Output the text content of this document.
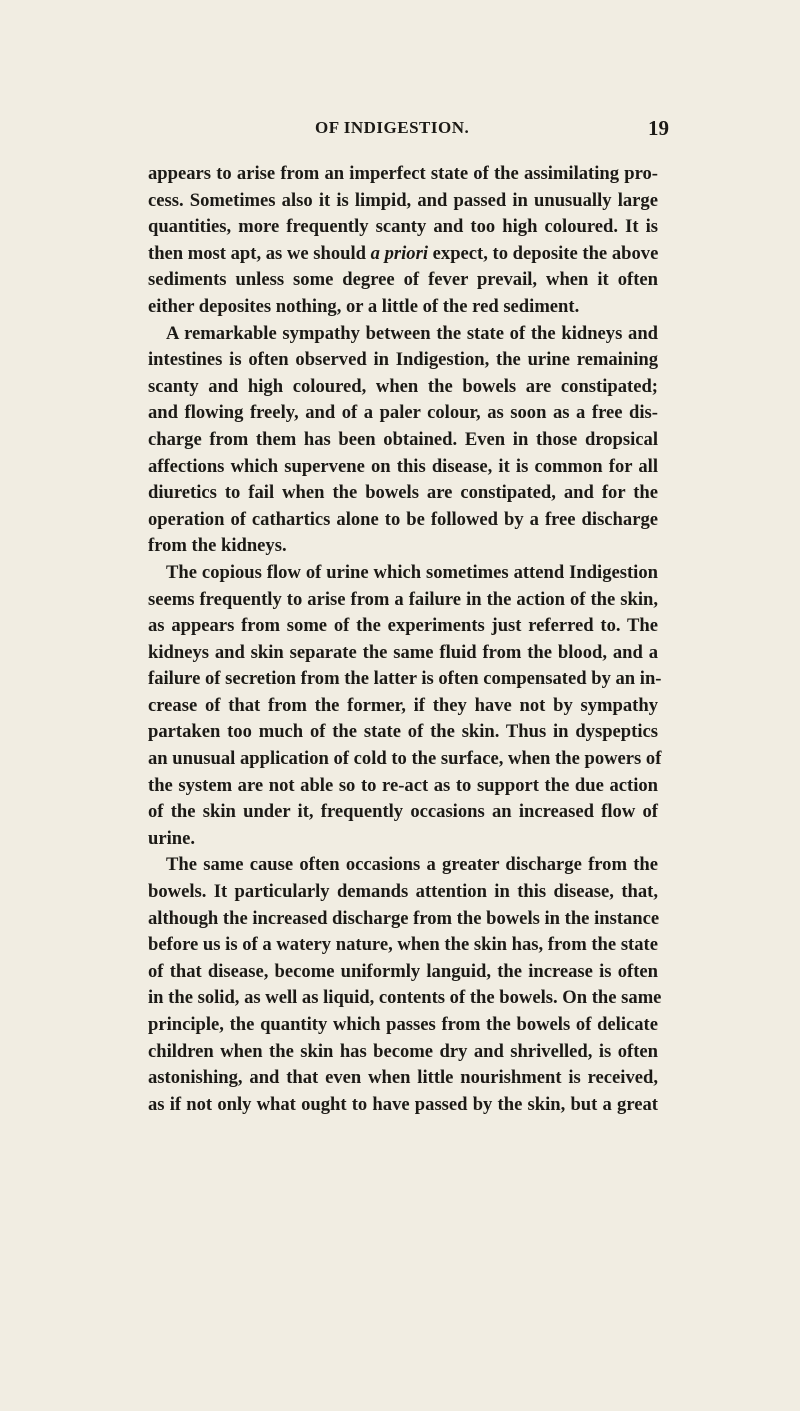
OF INDIGESTION.	19
appears to arise from an imperfect state of the assimilating pro-
cess. Sometimes also it is limpid, and passed in unusually large
quantities, more frequently scanty and too high coloured. It is
then most apt, as we should a priori expect, to deposite the above
sediments unless some degree of fever prevail, when it often
either deposites nothing, or a little of the red sediment.
A remarkable sympathy between the state of the kidneys and
intestines is often observed in Indigestion, the urine remaining
scanty and high coloured, when the bowels are constipated;
and flowing freely, and of a paler colour, as soon as a free dis-
charge from them has been obtained. Even in those dropsical
affections which supervene on this disease, it is common for all
diuretics to fail when the bowels are constipated, and for the
operation of cathartics alone to be followed by a free discharge
from the kidneys.
The copious flow of urine which sometimes attend Indigestion
seems frequently to arise from a failure in the action of the skin,
as appears from some of the experiments just referred to. The
kidneys and skin separate the same fluid from the blood, and a
failure of secretion from the latter is often compensated by an in-
crease of that from the former, if they have not by sympathy
partaken too much of the state of the skin. Thus in dyspeptics
an unusual application of cold to the surface, when the powers of
the system are not able so to re-act as to support the due action
of the skin under it, frequently occasions an increased flow of
urine.
The same cause often occasions a greater discharge from the
bowels. It particularly demands attention in this disease, that,
although the increased discharge from the bowels in the instance
before us is of a watery nature, when the skin has, from the state
of that disease, become uniformly languid, the increase is often
in the solid, as well as liquid, contents of the bowels. On the same
principle, the quantity which passes from the bowels of delicate
children when the skin has become dry and shrivelled, is often
astonishing, and that even when little nourishment is received,
as if not only what ought to have passed by the skin, but a great
